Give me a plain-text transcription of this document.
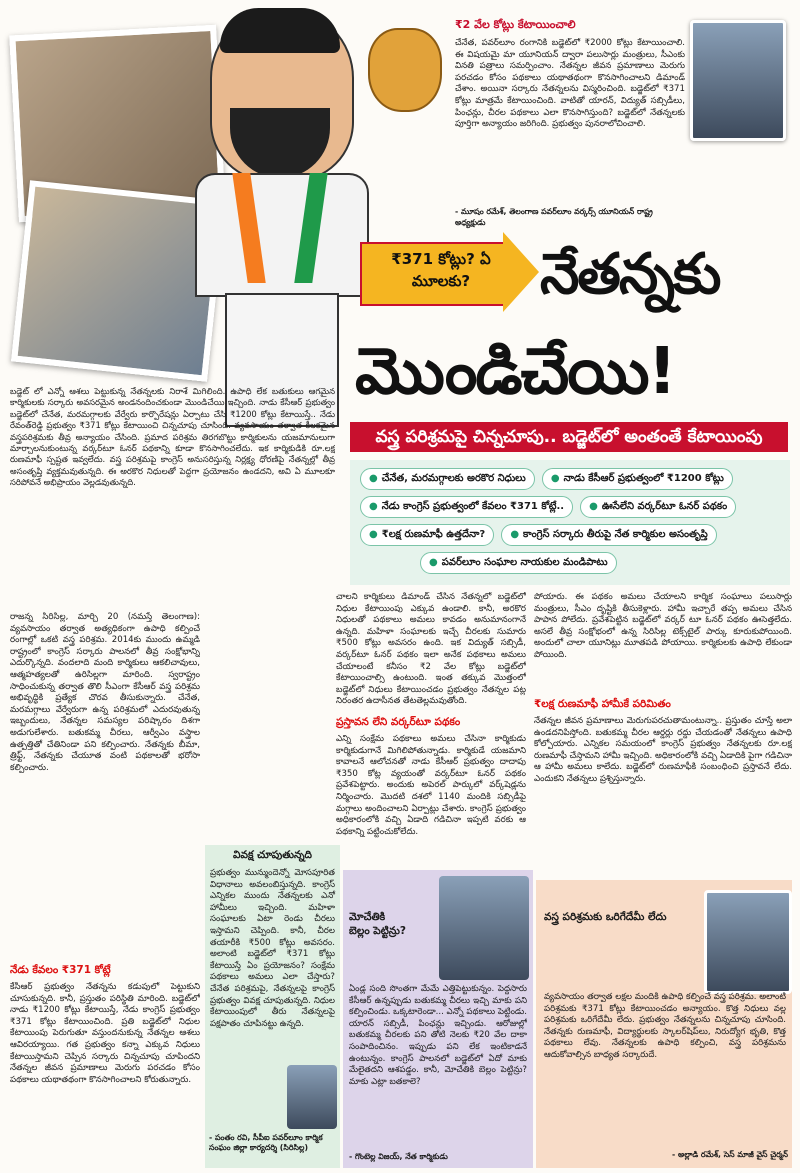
₹2 వేల కోట్లు కేటాయించాలి
చేనేత, పవర్‌లూం రంగానికి బడ్జెట్‌లో ₹2000 కోట్లు కేటాయించాలి. ఈ విషయమై మా యూనియన్ ద్వారా పలుసార్లు మంత్రులు, సీఎంకు వినతి పత్రాలు సమర్పించాం. నేతన్నల జీవన ప్రమాణాలు మెరుగు పరచడం కోసం పథకాలు యథాతథంగా కొనసాగించాలని డిమాండ్ చేశాం. అయినా సర్కారు నేతన్నలను విస్మరించింది. బడ్జెట్‌లో ₹371 కోట్లు మాత్రమే కేటాయించింది. వాటితో యారన్, విద్యుత్ సబ్సిడీలు, పింఛన్లు, చీరల పథకాలు ఎలా కొనసాగిస్తుంది? బడ్జెట్‌లో నేతన్నలకు పూర్తిగా అన్యాయం జరిగింది. ప్రభుత్వం పునరాలోచించాలి.
- మూషం రమేశ్, తెలంగాణ పవర్‌లూం వర్కర్స్ యూనియన్ రాష్ట్ర అధ్యక్షుడు
₹371 కోట్లు? ఏ మూలకు?	నేతన్నకు
మొండిచేయి!
వస్త్ర పరిశ్రమపై చిన్నచూపు.. బడ్జెట్‌లో అంతంతే కేటాయింపు
● చేనేత, మరమగ్గాలకు అరకొర నిధులు	● నాడు కేసీఆర్ ప్రభుత్వంలో ₹1200 కోట్లు ● నేడు కాంగ్రెస్ ప్రభుత్వంలో కేవలం ₹371 కోట్లే..	● ఊసేలేని వర్కర్‌టూ ఓనర్ పథకం ● ₹లక్ష రుణమాఫీ ఉత్తదేనా?	● కాంగ్రెస్ సర్కారు తీరుపై నేత కార్మికుల అసంతృప్తి ● పవర్‌లూం సంఘాల నాయకుల మండిపాటు
బడ్జెట్ లో ఎన్నో ఆశలు పెట్టుకున్న నేతన్నలకు నిరాశే మిగిలింది. ఉపాధి లేక బతుకులు ఆగమైన కార్మికులకు సర్కారు అవసరమైన అండనందించకుండా మొండిచేయి ఇచ్చింది. నాడు కేసీఆర్ ప్రభుత్వం బడ్జెట్‌లో చేనేత, మరమగ్గాలకు వేర్వేరు కార్పొరేషన్లు ఏర్పాటు చేసి ₹1200 కోట్లు కేటాయిస్తే.. నేడు రేవంత్‌రెడ్డి ప్రభుత్వం ₹371 కోట్లు కేటాయించి చిన్నచూపు చూసింది. వ్యవసాయం తర్వాత కీలకమైన వస్త్రపరిశ్రమకు తీవ్ర అన్యాయం చేసింది. ప్రమాద పరిశ్రమ తిరగబొట్టు కార్మికులను యజమానులుగా మార్చాలనుకుంటున్న వర్కర్‌టూ ఓనర్ పథకాన్ని కూడా కొనసాగించలేదు. ఇక కార్మికుడికి రూ.లక్ష రుణమాఫీ స్పష్టత ఇవ్వలేదు. వస్త్ర పరిశ్రమపై కాంగ్రెస్ అనుసరిస్తున్న నిర్లక్ష్య ధోరణిపై నేతన్నల్లో తీవ్ర అసంతృప్తి వ్యక్తమవుతున్నది. ఈ అరకొర నిధులతో పెద్దగా ప్రయోజనం ఉండదని, అవి ఏ మూలకూ సరిపోవనే అభిప్రాయం వెల్లడవుతున్నది.
రాజన్న సిరిసిల్ల, మార్చి 20 (నమస్తే తెలంగాణ): వ్యవసాయం తర్వాత అత్యధికంగా ఉపాధి కల్పించే రంగాల్లో ఒకటి వస్త్ర పరిశ్రమ. 2014కు ముందు ఉమ్మడి రాష్ట్రంలో కాంగ్రెస్ సర్కారు పాలనలో తీవ్ర సంక్షోభాన్ని ఎదుర్కొన్నది. వందలాది మంది కార్మికులు ఆకలిచావులు, ఆత్మహత్యలతో ఉరిసిల్లగా మారింది. స్వరాష్ట్రం సాధించుకున్న తర్వాత తొలి సీఎంగా కేసీఆర్ వస్త్ర పరిశ్రమ అభివృద్ధికి ప్రత్యేక చొరవ తీసుకున్నారు. చేనేత, మరమగ్గాలు వేర్వేరుగా ఉన్న పరిశ్రమలో ఎదురవుతున్న ఇబ్బందులు, నేతన్నల సమస్యల పరిష్కారం దిశగా అడుగులేశారు. బతుకమ్మ చీరలు, ఆర్వీఎం వస్త్రాల ఉత్పత్తితో చేతినిండా పని కల్పించారు. నేతన్నకు బీమా, త్రిఫ్ట్, నేతన్నకు చేయూత వంటి పథకాలతో భరోసా కల్పించారు.
నేడు కేవలం ₹371 కోట్లే
కేసీఆర్ ప్రభుత్వం నేతన్నను కడుపులో పెట్టుకుని చూసుకున్నది. కానీ, ప్రస్తుతం పరిస్థితి మారింది. బడ్జెట్‌లో నాడు ₹1200 కోట్లు కేటాయిస్తే, నేడు కాంగ్రెస్ ప్రభుత్వం ₹371 కోట్లు కేటాయించింది. ప్రతి బడ్జెట్‌లో నిధుల కేటాయింపు పెరుగుతూ వస్తుందనుకున్న నేతన్నల ఆశలు ఆవిరయ్యాయి. గత ప్రభుత్వం కన్నా ఎక్కువ నిధులు కేటాయిస్తామని చెప్పిన సర్కారు చిన్నచూపు చూపిందని నేతన్నల జీవన ప్రమాణాలు మెరుగు పరచడం కోసం పథకాలు యథాతథంగా కొనసాగించాలని కోరుతున్నారు.
చాలని కార్మికులు డిమాండ్ చేసిన నేతన్నలో బడ్జెట్‌లో నిధుల కేటాయింపు ఎక్కువ ఉండాలి. కానీ, అరకొర నిధులతో పథకాలు అమలు కావడం అనుమానంగానే ఉన్నది. మహిళా సంఘాలకు ఇచ్చే చీరలకు సుమారు ₹500 కోట్లు అవసరం ఉంది. ఇక విద్యుత్ సబ్సిడీ, వర్కర్‌టూ ఓనర్ పథకం ఇలా అనేక పథకాలు అమలు చేయాలంటే కనీసం ₹2 వేల కోట్లు బడ్జెట్‌లో కేటాయించాల్సి ఉంటుంది. ఇంత తక్కువ మొత్తంలో బడ్జెట్‌లో నిధులు కేటాయించడం ప్రభుత్వం నేతన్నల పట్ల నిరంతర ఉదాసీనత తేటతెల్లమవుతోంది.
ప్రస్తావన లేని వర్కర్‌టూ పథకం
ఎన్ని సంక్షేమ పథకాలు అమలు చేసినా కార్మికుడు కార్మికుడుగానే మిగిలిపోతున్నాడు. కార్మికుడే యజమాని కావాలనే ఆలోచనతో నాడు కేసీఆర్ ప్రభుత్వం దాదాపు ₹350 కోట్ల వ్యయంతో వర్కర్‌టూ ఓనర్ పథకం ప్రవేశపెట్టారు. అందుకు అపెరల్ పార్కులో వర్క్‌షెడ్లను నిర్మించారు. మొదటి దశలో 1140 మందికి సబ్సిడీపై మగ్గాలు అందించాలని ఏర్పాట్లు చేశారు. కాంగ్రెస్ ప్రభుత్వం అధికారంలోకి వచ్చి ఏడాది గడిచినా ఇప్పటి వరకు ఆ పథకాన్ని పట్టించుకోలేదు.
పోయారు. ఈ పథకం అమలు చేయాలని కార్మిక సంఘాలు పలుసార్లు మంత్రులు, సీఎం దృష్టికి తీసుకెళ్లారు. హామీ ఇచ్చారే తప్ప అమలు చేసిన పాపాన పోలేదు. ప్రవేశపెట్టిన బడ్జెట్‌లో వర్కర్ టూ ఓనర్ పథకం ఊసెత్తలేదు. అసలే తీవ్ర సంక్షోభంలో ఉన్న సిరిసిల్ల టెక్స్‌టైల్ పార్కు కూరుకుపోయింది. అందులో చాలా యూనిట్లు మూతపడి పోయాయి. కార్మికులకు ఉపాధి లేకుండా పోయింది.
₹లక్ష రుణమాఫీ హామీకే పరిమితం
నేతన్నల జీవన ప్రమాణాలు మెరుగుపరచుతామంటున్నా.. ప్రస్తుతం చూస్తే అలా ఉండదనిపిస్తోంది. బతుకమ్మ చీరల ఆర్డర్లు రద్దు చేయడంతో నేతన్నలు ఉపాధి కోల్పోయారు. ఎన్నికల సమయంలో కాంగ్రెస్ ప్రభుత్వం నేతన్నలకు రూ.లక్ష రుణమాఫీ చేస్తామని హామీ ఇచ్చింది. అధికారంలోకి వచ్చి ఏడాదికి పైగా గడిచినా ఆ హామీ అమలు కాలేదు. బడ్జెట్‌లో రుణమాఫీకి సంబంధించి ప్రస్తావనే లేదు. ఎందుకని నేతన్నలు ప్రశ్నిస్తున్నారు.
వివక్ష చూపుతున్నది
ప్రభుత్వం మున్ముందెన్నో మోసపూరిత విధానాలు అవలంబిస్తున్నది. కాంగ్రెస్ ఎన్నికల ముందు నేతన్నలకు ఎనో హామీలు ఇచ్చింది. మహిళా సంఘాలకు ఏటా రెండు చీరలు ఇస్తామని చెప్పింది. కానీ, చీరల తయారీకి ₹500 కోట్లు అవసరం. అలాంటి బడ్జెట్‌లో ₹371 కోట్లు కేటాయిస్తే ఏం ప్రయోజనం? సంక్షేమ పథకాలు అమలు ఎలా చేస్తారు? చేనేత పరిశ్రమపై, నేతన్నలపై కాంగ్రెస్ ప్రభుత్వం వివక్ష చూపుతున్నది. నిధుల కేటాయింపులో తీరు నేతన్నలపై పక్షపాతం చూపినట్టు ఉన్నది.
- పంతం రవి, సీపీఐ పవర్‌లూం కార్మిక సంఘం జిల్లా కార్యదర్శి (సిరిసిల్ల)
మోచేతికి బెల్లం పెట్టిన్రు?
ఏండ్ల సంది సొంతగా మేమే ఎత్తిపెట్టుకున్నం. పెద్దసారు కేసీఆర్ ఉన్నప్పుడు బతుకమ్మ చీరలు ఇచ్చి మాకు పని కల్పించిండు. ఒక్కటారెండా... ఎన్నో పథకాలు పెట్టిండు. యారన్ సబ్సిడీ, పింఛన్లు ఇచ్చిండు. ఆరోజుల్లో బతుకమ్మ చీరలకు పని తోటి నెలకు ₹20 వేల దాకా సంపాదించినం. ఇప్పుడు పని లేక ఇంటికాడనే ఉంటున్నం. కాంగ్రెస్ పాలనలో బడ్జెట్‌లో ఏదో మాకు మేలైతదని ఆశపడ్డం. కానీ, మోచేతికి బెల్లం పెట్టిన్రు? మాకు ఎట్లా బతకాలె?
- గొంటెల్ల విజయ్, నేత కార్మికుడు
వస్త్ర పరిశ్రమకు ఒరిగేదేమీ లేదు
వ్యవసాయం తర్వాత లక్షల మందికి ఉపాధి కల్పించే వస్త్ర పరిశ్రమ. అలాంటి పరిశ్రమకు ₹371 కోట్లు కేటాయించడం అన్యాయం. కొత్త నిధులు వల్ల పరిశ్రమకు ఒరిగేదేమీ లేదు. ప్రభుత్వం నేతన్నలను చిన్నచూపు చూసింది. నేతన్నకు రుణమాఫీ, విద్యార్థులకు స్కాలర్‌షిప్‌లు, నిరుద్యోగ భృతి, కొత్త పథకాలు లేవు. నేతన్నలకు ఉపాధి కల్పించి, వస్త్ర పరిశ్రమను ఆదుకోవాల్సిన బాధ్యత సర్కారుదే.
- అల్లాడి రమేశ్, సెస్ మాజీ వైస్ చైర్మన్
